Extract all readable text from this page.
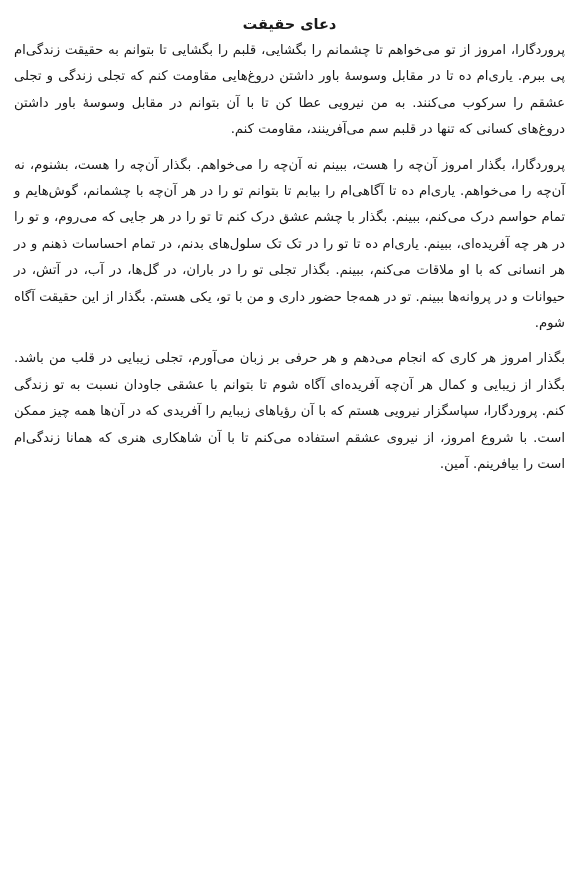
دعای حقیقت

پروردگارا، امروز از تو می‌خواهم تا چشمانم را بگشایی، قلبم را بگشایی تا بتوانم به حقیقت زندگی‌ام پی ببرم. یاری‌ام ده تا در مقابل وسوسهٔ باور داشتن دروغ‌هایی مقاومت کنم که تجلی زندگی و تجلی عشقم را سرکوب می‌کنند. به من نیرویی عطا کن تا با آن بتوانم در مقابل وسوسهٔ باور داشتن دروغ‌های کسانی که تنها در قلبم سم می‌آفرینند، مقاومت کنم.

پروردگارا، بگذار امروز آن‌چه را هست، ببینم نه آن‌چه را می‌خواهم. بگذار آن‌چه را هست، بشنوم، نه آن‌چه را می‌خواهم. یاری‌ام ده تا آگاهی‌ام را بیابم تا بتوانم تو را در هر آن‌چه با چشمانم، گوش‌هایم و تمام حواسم درک می‌کنم، ببینم. بگذار با چشم عشق درک کنم تا تو را در هر جایی که می‌روم، و تو را در هر چه آفریده‌ای، ببینم. یاری‌ام ده تا تو را در تک تک سلول‌های بدنم، در تمام احساسات ذهنم و در هر انسانی که با او ملاقات می‌کنم، ببینم. بگذار تجلی تو را در باران، در گل‌ها، در آب، در آتش، در حیوانات و در پروانه‌ها ببینم. تو در همه‌جا حضور داری و من با تو، یکی هستم. بگذار از این حقیقت آگاه شوم.

بگذار امروز هر کاری که انجام می‌دهم و هر حرفی بر زبان می‌آورم، تجلی زیبایی در قلب من باشد. بگذار از زیبایی و کمال هر آن‌چه آفریده‌ای آگاه شوم تا بتوانم با عشقی جاودان نسبت به تو زندگی کنم. پروردگارا، سپاسگزار نیرویی هستم که با آن رؤیاهای زیبایم را آفریدی که در آن‌ها همه چیز ممکن است. با شروع امروز، از نیروی عشقم استفاده می‌کنم تا با آن شاهکاری هنری که همانا زندگی‌ام است را بیافرینم. آمین.
